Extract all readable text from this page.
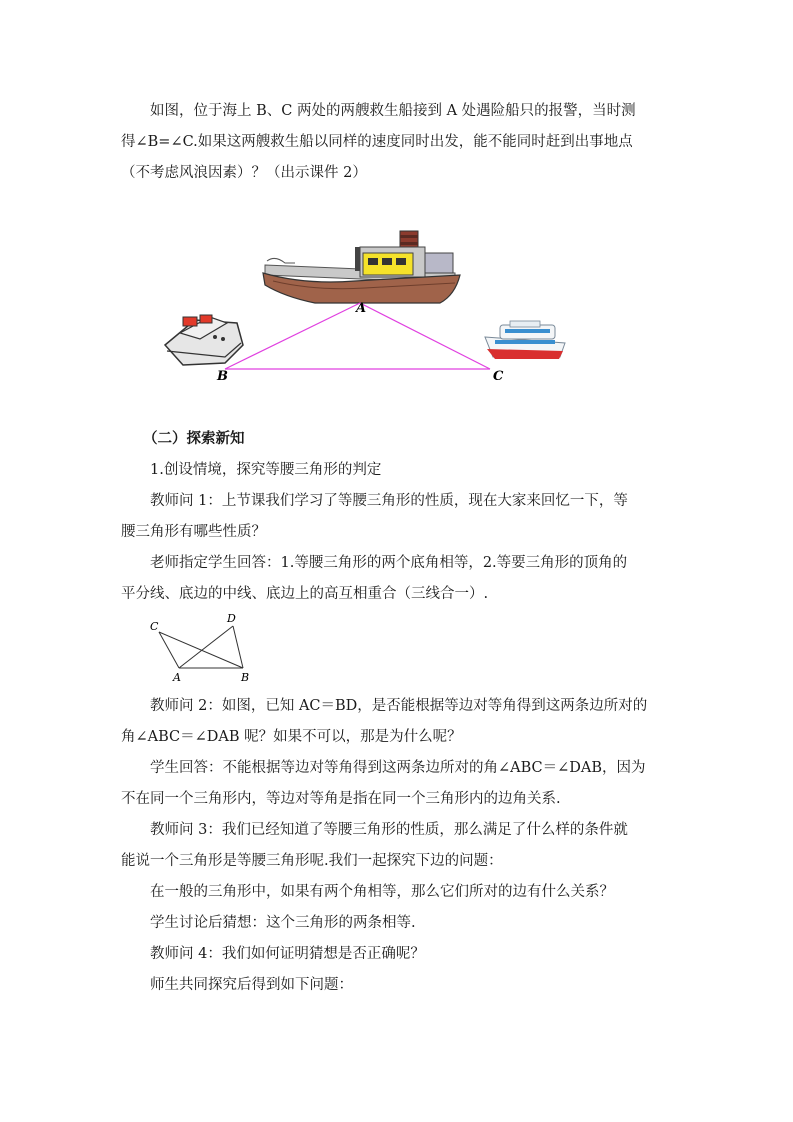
如图，位于海上 B、C 两处的两艘救生船接到 A 处遇险船只的报警，当时测
得∠B=∠C.如果这两艘救生船以同样的速度同时出发，能不能同时赶到出事地点
（不考虑风浪因素）？（出示课件 2）
A
B	C
（二）探索新知
1.创设情境，探究等腰三角形的判定
教师问 1：上节课我们学习了等腰三角形的性质，现在大家来回忆一下，等
腰三角形有哪些性质？
老师指定学生回答：1.等腰三角形的两个底角相等，2.等要三角形的顶角的
平分线、底边的中线、底边上的高互相重合（三线合一）.
C
D
A	B
教师问 2：如图，已知 AC＝BD，是否能根据等边对等角得到这两条边所对的
角∠ABC＝∠DAB 呢？如果不可以，那是为什么呢？
学生回答：不能根据等边对等角得到这两条边所对的角∠ABC＝∠DAB，因为
不在同一个三角形内，等边对等角是指在同一个三角形内的边角关系.
教师问 3：我们已经知道了等腰三角形的性质，那么满足了什么样的条件就
能说一个三角形是等腰三角形呢.我们一起探究下边的问题：
在一般的三角形中，如果有两个角相等，那么它们所对的边有什么关系？
学生讨论后猜想：这个三角形的两条相等.
教师问 4：我们如何证明猜想是否正确呢？
师生共同探究后得到如下问题：
